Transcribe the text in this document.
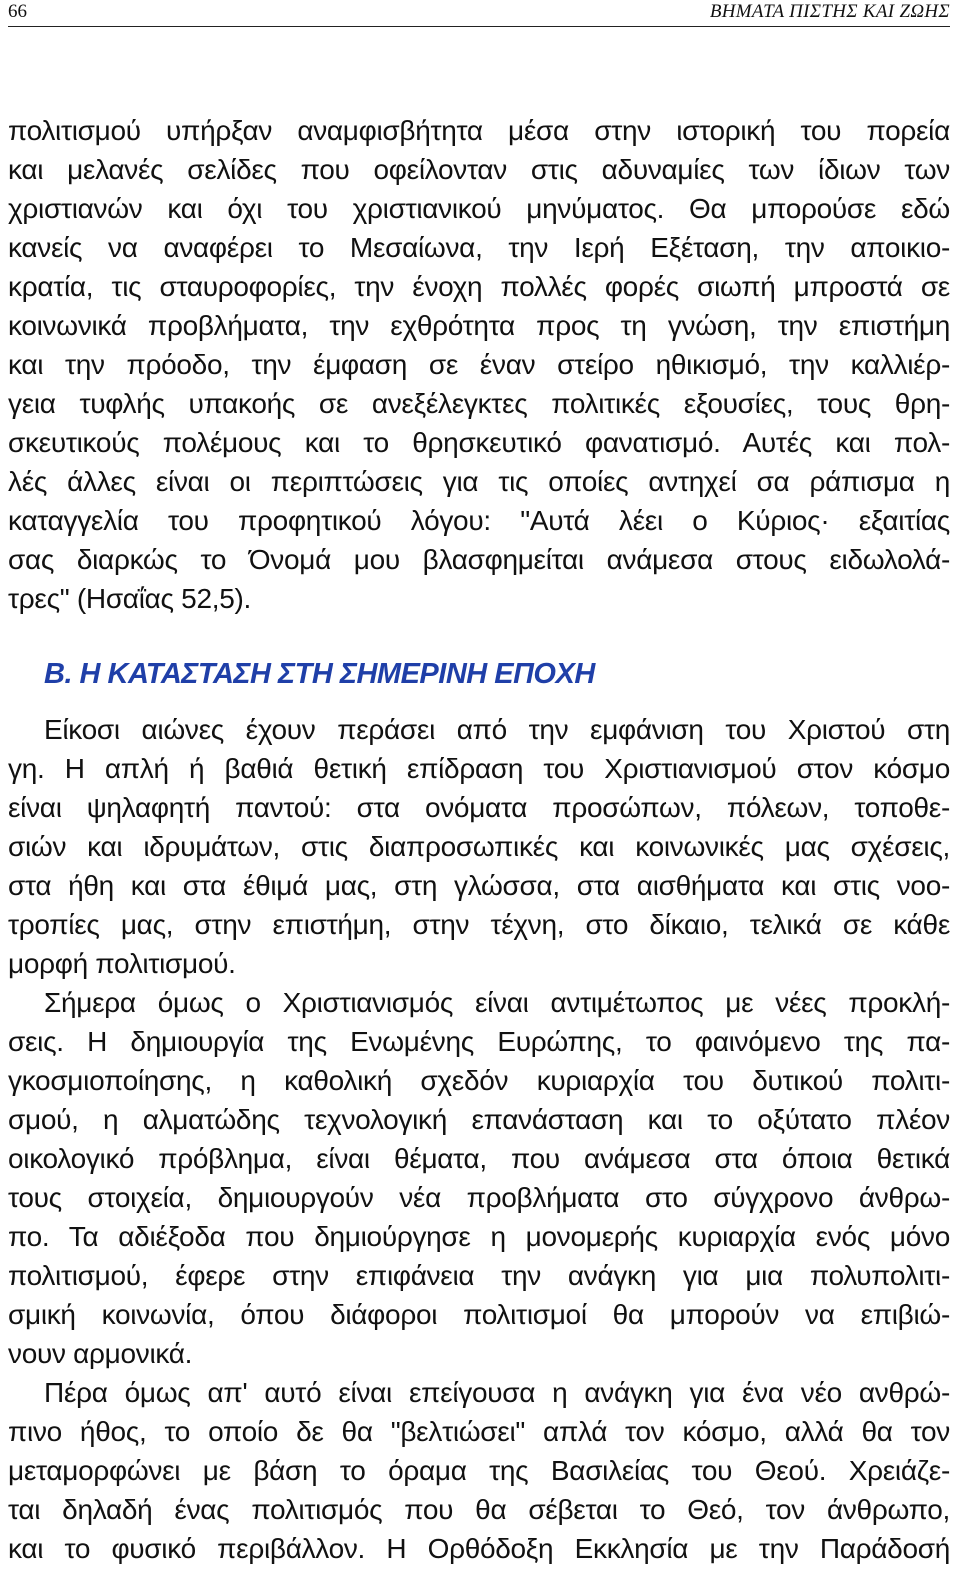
66	ΒΗΜΑΤΑ ΠΙΣΤΗΣ ΚΑΙ ΖΩΗΣ
πολιτισμού υπήρξαν αναμφισβήτητα μέσα στην ιστορική του πορεία
και μελανές σελίδες που οφείλονταν στις αδυναμίες των ίδιων των
χριστιανών και όχι του χριστιανικού μηνύματος. Θα μπορούσε εδώ
κανείς να αναφέρει το Μεσαίωνα, την Ιερή Εξέταση, την αποικιο-
κρατία, τις σταυροφορίες, την ένοχη πολλές φορές σιωπή μπροστά σε
κοινωνικά προβλήματα, την εχθρότητα προς τη γνώση, την επιστήμη
και την πρόοδο, την έμφαση σε έναν στείρο ηθικισμό, την καλλιέρ-
γεια τυφλής υπακοής σε ανεξέλεγκτες πολιτικές εξουσίες, τους θρη-
σκευτικούς πολέμους και το θρησκευτικό φανατισμό. Αυτές και πολ-
λές άλλες είναι οι περιπτώσεις για τις οποίες αντηχεί σα ράπισμα η
καταγγελία του προφητικού λόγου: "Αυτά λέει ο Κύριος· εξαιτίας
σας διαρκώς το Όνομά μου βλασφημείται ανάμεσα στους ειδωλολά-
τρες" (Ησαΐας 52,5).
Β. Η ΚΑΤΑΣΤΑΣΗ ΣΤΗ ΣΗΜΕΡΙΝΗ ΕΠΟΧΗ
Είκοσι αιώνες έχουν περάσει από την εμφάνιση του Χριστού στη
γη. Η απλή ή βαθιά θετική επίδραση του Χριστιανισμού στον κόσμο
είναι ψηλαφητή παντού: στα ονόματα προσώπων, πόλεων, τοποθε-
σιών και ιδρυμάτων, στις διαπροσωπικές και κοινωνικές μας σχέσεις,
στα ήθη και στα έθιμά μας, στη γλώσσα, στα αισθήματα και στις νοο-
τροπίες μας, στην επιστήμη, στην τέχνη, στο δίκαιο, τελικά σε κάθε
μορφή πολιτισμού.
Σήμερα όμως ο Χριστιανισμός είναι αντιμέτωπος με νέες προκλή-
σεις. Η δημιουργία της Ενωμένης Ευρώπης, το φαινόμενο της πα-
γκοσμιοποίησης, η καθολική σχεδόν κυριαρχία του δυτικού πολιτι-
σμού, η αλματώδης τεχνολογική επανάσταση και το οξύτατο πλέον
οικολογικό πρόβλημα, είναι θέματα, που ανάμεσα στα όποια θετικά
τους στοιχεία, δημιουργούν νέα προβλήματα στο σύγχρονο άνθρω-
πο. Τα αδιέξοδα που δημιούργησε η μονομερής κυριαρχία ενός μόνο
πολιτισμού, έφερε στην επιφάνεια την ανάγκη για μια πολυπολιτι-
σμική κοινωνία, όπου διάφοροι πολιτισμοί θα μπορούν να επιβιώ-
νουν αρμονικά.
Πέρα όμως απ' αυτό είναι επείγουσα η ανάγκη για ένα νέο ανθρώ-
πινο ήθος, το οποίο δε θα "βελτιώσει" απλά τον κόσμο, αλλά θα τον
μεταμορφώνει με βάση το όραμα της Βασιλείας του Θεού. Χρειάζε-
ται δηλαδή ένας πολιτισμός που θα σέβεται το Θεό, τον άνθρωπο,
και το φυσικό περιβάλλον. Η Ορθόδοξη Εκκλησία με την Παράδοσή
